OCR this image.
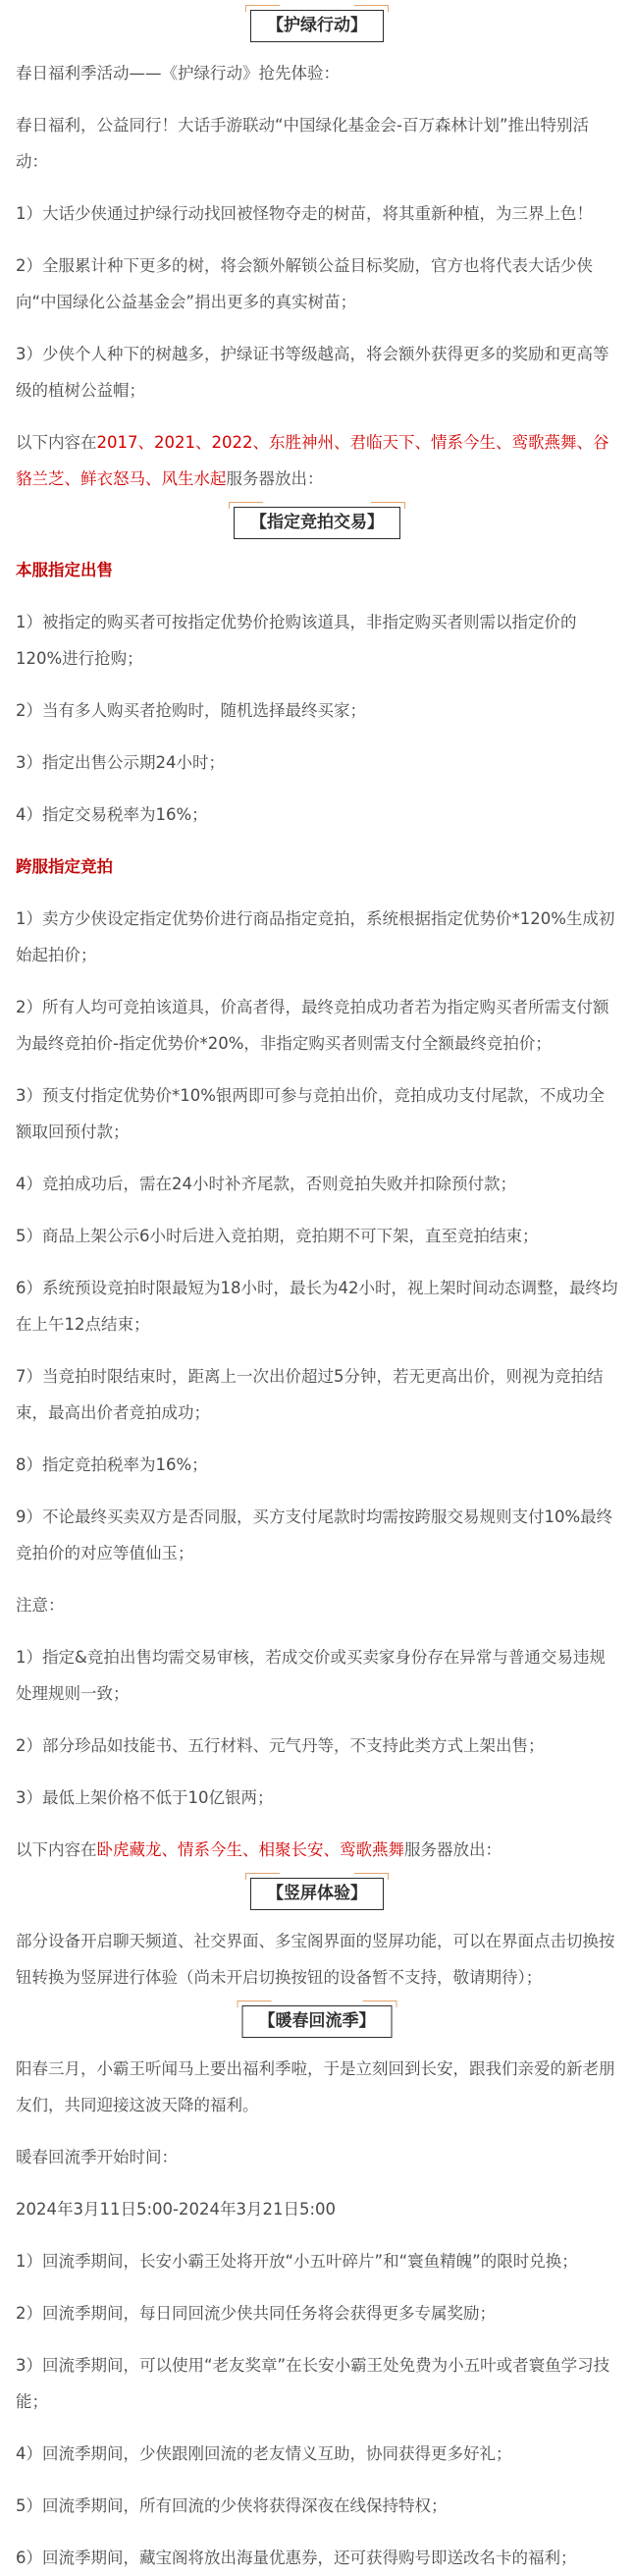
【护绿行动】

春日福利季活动——《护绿行动》抢先体验：

春日福利，公益同行！大话手游联动“中国绿化基金会-百万森林计划”推出特别活动：

1）大话少侠通过护绿行动找回被怪物夺走的树苗，将其重新种植，为三界上色！

2）全服累计种下更多的树，将会额外解锁公益目标奖励，官方也将代表大话少侠向“中国绿化公益基金会”捐出更多的真实树苗；

3）少侠个人种下的树越多，护绿证书等级越高，将会额外获得更多的奖励和更高等级的植树公益帽；

以下内容在2017、2021、2022、东胜神州、君临天下、情系今生、鸾歌燕舞、谷貉兰芝、鲜衣怒马、风生水起服务器放出：

【指定竞拍交易】

本服指定出售

1）被指定的购买者可按指定优势价抢购该道具，非指定购买者则需以指定价的120%进行抢购；

2）当有多人购买者抢购时，随机选择最终买家；

3）指定出售公示期24小时；

4）指定交易税率为16%；

跨服指定竞拍

1）卖方少侠设定指定优势价进行商品指定竞拍，系统根据指定优势价*120%生成初始起拍价；

2）所有人均可竞拍该道具，价高者得，最终竞拍成功者若为指定购买者所需支付额为最终竞拍价-指定优势价*20%，非指定购买者则需支付全额最终竞拍价；

3）预支付指定优势价*10%银两即可参与竞拍出价，竞拍成功支付尾款，不成功全额取回预付款；

4）竞拍成功后，需在24小时补齐尾款，否则竞拍失败并扣除预付款；

5）商品上架公示6小时后进入竞拍期，竞拍期不可下架，直至竞拍结束；

6）系统预设竞拍时限最短为18小时，最长为42小时，视上架时间动态调整，最终均在上午12点结束；

7）当竞拍时限结束时，距离上一次出价超过5分钟，若无更高出价，则视为竞拍结束，最高出价者竞拍成功；

8）指定竞拍税率为16%；

9）不论最终买卖双方是否同服，买方支付尾款时均需按跨服交易规则支付10%最终竞拍价的对应等值仙玉；

注意：

1）指定&竞拍出售均需交易审核，若成交价或买卖家身份存在异常与普通交易违规处理规则一致；

2）部分珍品如技能书、五行材料、元气丹等，不支持此类方式上架出售；

3）最低上架价格不低于10亿银两；

以下内容在卧虎藏龙、情系今生、相聚长安、鸾歌燕舞服务器放出：

【竖屏体验】

部分设备开启聊天频道、社交界面、多宝阁界面的竖屏功能，可以在界面点击切换按钮转换为竖屏进行体验（尚未开启切换按钮的设备暂不支持，敬请期待）；

【暖春回流季】

阳春三月，小霸王听闻马上要出福利季啦，于是立刻回到长安，跟我们亲爱的新老朋友们，共同迎接这波天降的福利。

暖春回流季开始时间：

2024年3月11日5:00-2024年3月21日5:00

1）回流季期间，长安小霸王处将开放“小五叶碎片”和“寰鱼精魄”的限时兑换；

2）回流季期间，每日同回流少侠共同任务将会获得更多专属奖励；

3）回流季期间，可以使用“老友奖章”在长安小霸王处免费为小五叶或者寰鱼学习技能；

4）回流季期间，少侠跟刚回流的老友情义互助，协同获得更多好礼；

5）回流季期间，所有回流的少侠将获得深夜在线保持特权；

6）回流季期间，藏宝阁将放出海量优惠券，还可获得购号即送改名卡的福利；
